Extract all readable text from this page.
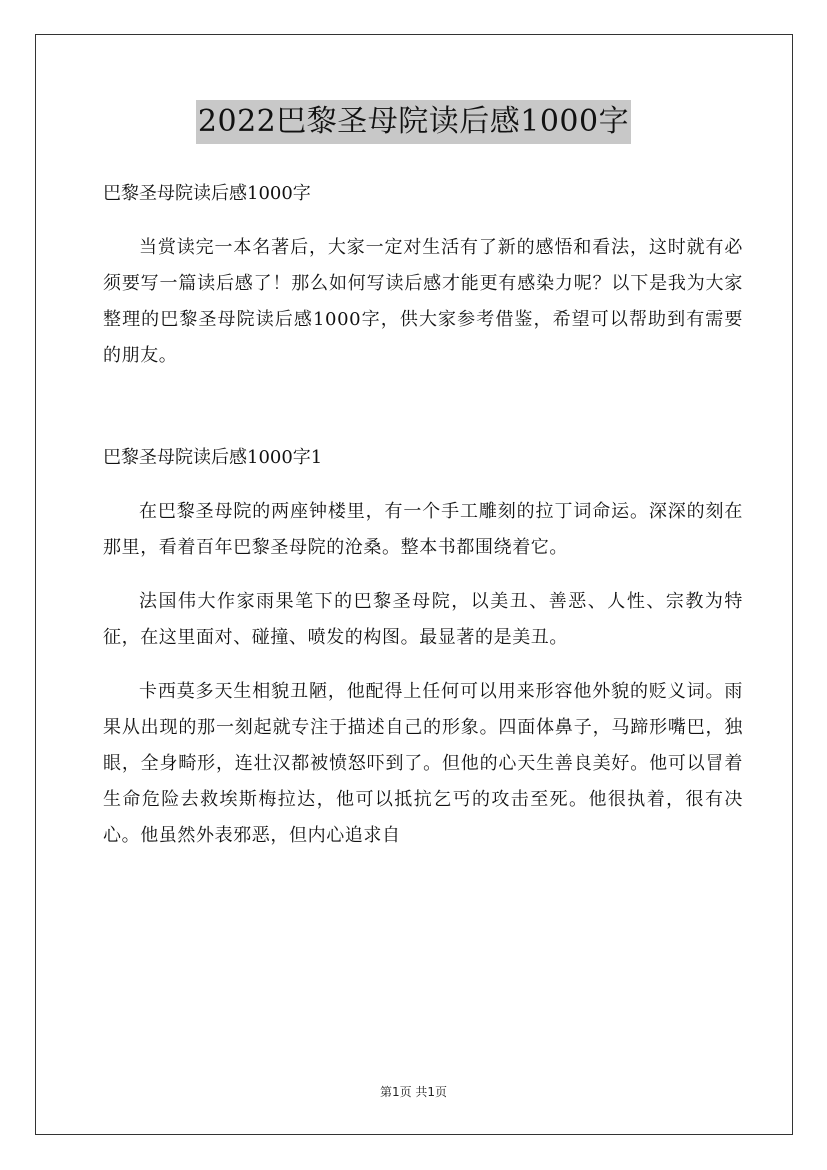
2022巴黎圣母院读后感1000字
巴黎圣母院读后感1000字

当赏读完一本名著后，大家一定对生活有了新的感悟和看法，这时就有必须要写一篇读后感了！那么如何写读后感才能更有感染力呢？以下是我为大家整理的巴黎圣母院读后感1000字，供大家参考借鉴，希望可以帮助到有需要的朋友。

巴黎圣母院读后感1000字1

在巴黎圣母院的两座钟楼里，有一个手工雕刻的拉丁词命运。深深的刻在那里，看着百年巴黎圣母院的沧桑。整本书都围绕着它。

法国伟大作家雨果笔下的巴黎圣母院，以美丑、善恶、人性、宗教为特征，在这里面对、碰撞、喷发的构图。最显著的是美丑。

卡西莫多天生相貌丑陋，他配得上任何可以用来形容他外貌的贬义词。雨果从出现的那一刻起就专注于描述自己的形象。四面体鼻子，马蹄形嘴巴，独眼，全身畸形，连壮汉都被愤怒吓到了。但他的心天生善良美好。他可以冒着生命危险去救埃斯梅拉达，他可以抵抗乞丐的攻击至死。他很执着，很有决心。他虽然外表邪恶，但内心追求自

第1页 共1页
